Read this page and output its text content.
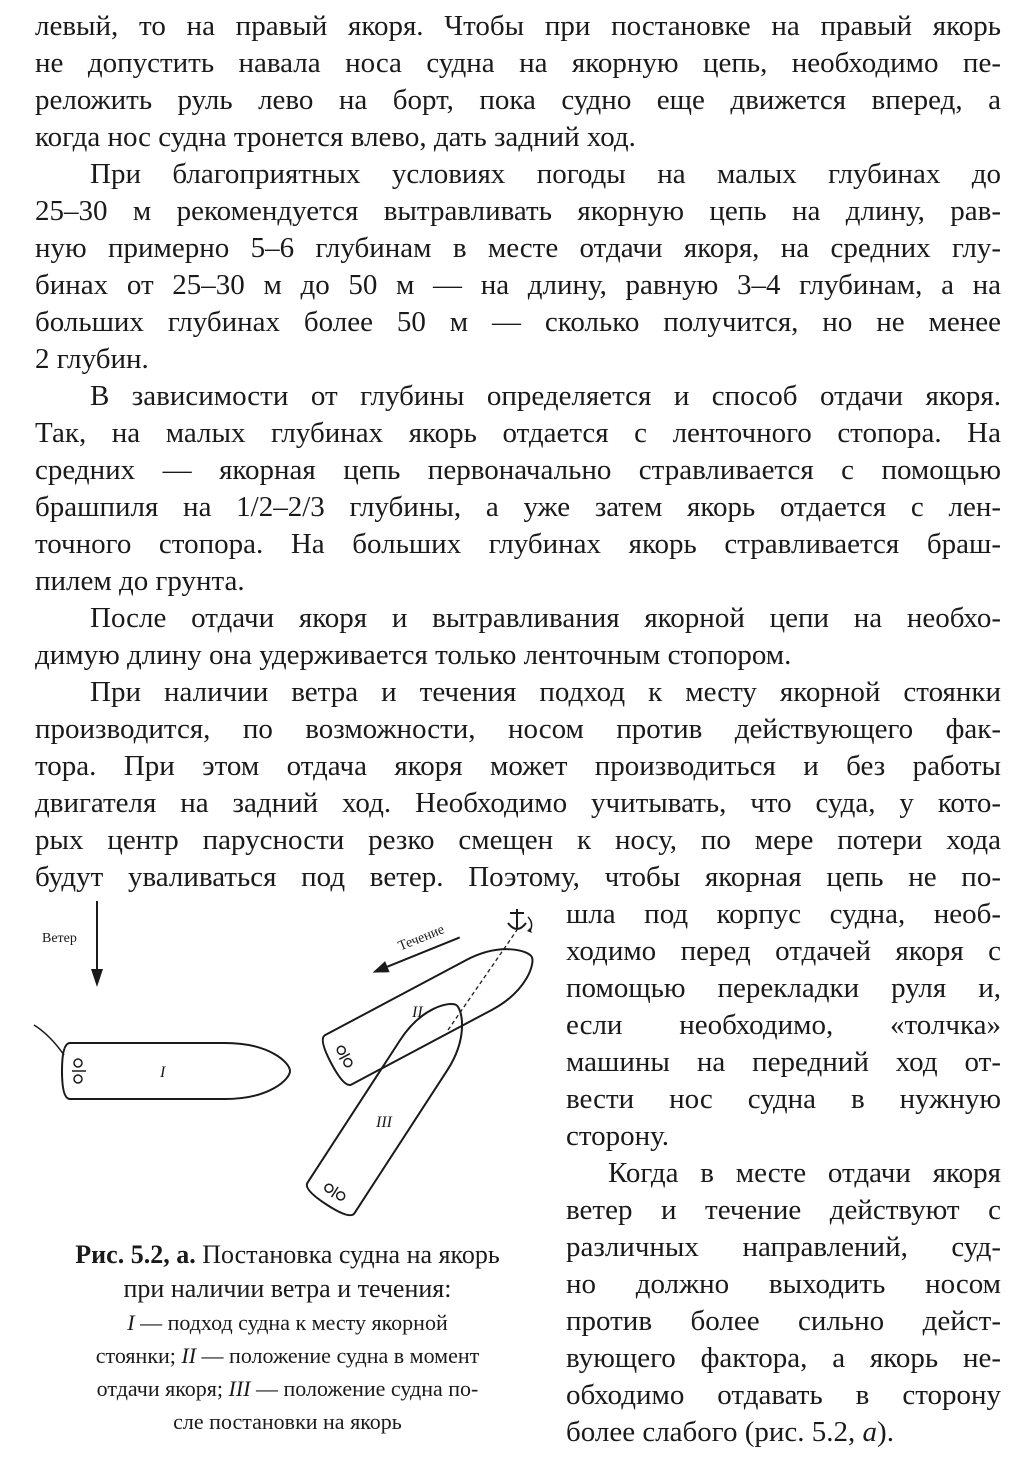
левый, то на правый якоря. Чтобы при постановке на правый якорь
не допустить навала носа судна на якорную цепь, необходимо пе-
реложить руль лево на борт, пока судно еще движется вперед, а
когда нос судна тронется влево, дать задний ход.
При благоприятных условиях погоды на малых глубинах до
25–30 м рекомендуется вытравливать якорную цепь на длину, рав-
ную примерно 5–6 глубинам в месте отдачи якоря, на средних глу-
бинах от 25–30 м до 50 м — на длину, равную 3–4 глубинам, а на
больших глубинах более 50 м — сколько получится, но не менее
2 глубин.
В зависимости от глубины определяется и способ отдачи якоря.
Так, на малых глубинах якорь отдается с ленточного стопора. На
средних — якорная цепь первоначально стравливается с помощью
брашпиля на 1/2–2/3 глубины, а уже затем якорь отдается с лен-
точного стопора. На больших глубинах якорь стравливается браш-
пилем до грунта.
После отдачи якоря и вытравливания якорной цепи на необхо-
димую длину она удерживается только ленточным стопором.
При наличии ветра и течения подход к месту якорной стоянки
производится, по возможности, носом против действующего фак-
тора. При этом отдача якоря может производиться и без работы
двигателя на задний ход. Необходимо учитывать, что суда, у кото-
рых центр парусности резко смещен к носу, по мере потери хода
будут уваливаться под ветер. Поэтому, чтобы якорная цепь не по-
шла под корпус судна, необ-
ходимо перед отдачей якоря с
помощью перекладки руля и,
если необходимо, «толчка»
машины на передний ход от-
вести нос судна в нужную
сторону.
Когда в месте отдачи якоря
ветер и течение действуют с
различных направлений, суд-
но должно выходить носом
против более сильно дейст-
вующего фактора, а якорь не-
обходимо отдавать в сторону
более слабого (рис. 5.2, а).
Ветер	Течение
I
II
III
Рис. 5.2, а. Постановка судна на якорь
при наличии ветра и течения:
I — подход судна к месту якорной
стоянки; II — положение судна в момент
отдачи якоря; III — положение судна по-
сле постановки на якорь
